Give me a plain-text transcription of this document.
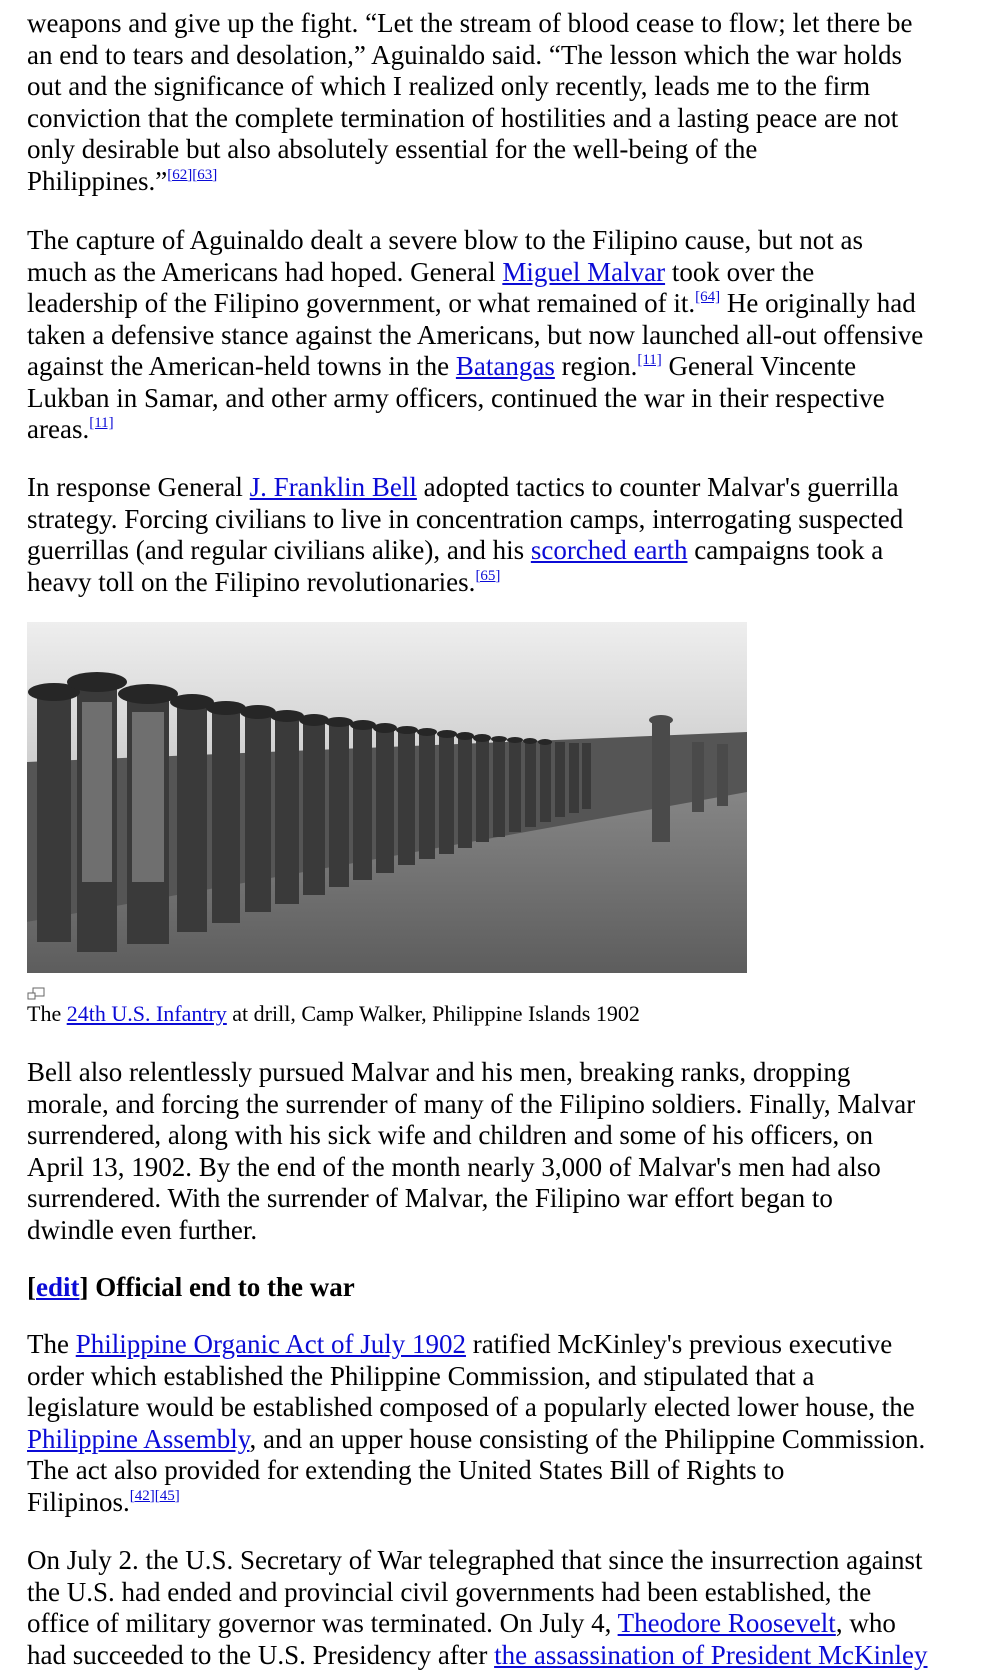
weapons and give up the fight. “Let the stream of blood cease to flow; let there be
an end to tears and desolation,” Aguinaldo said. “The lesson which the war holds
out and the significance of which I realized only recently, leads me to the firm
conviction that the complete termination of hostilities and a lasting peace are not
only desirable but also absolutely essential for the well-being of the
Philippines.”[62][63]

The capture of Aguinaldo dealt a severe blow to the Filipino cause, but not as
much as the Americans had hoped. General Miguel Malvar took over the
leadership of the Filipino government, or what remained of it.[64] He originally had
taken a defensive stance against the Americans, but now launched all-out offensive
against the American-held towns in the Batangas region.[11] General Vincente
Lukban in Samar, and other army officers, continued the war in their respective
areas.[11]

In response General J. Franklin Bell adopted tactics to counter Malvar's guerrilla
strategy. Forcing civilians to live in concentration camps, interrogating suspected
guerrillas (and regular civilians alike), and his scorched earth campaigns took a
heavy toll on the Filipino revolutionaries.[65]

The 24th U.S. Infantry at drill, Camp Walker, Philippine Islands 1902

Bell also relentlessly pursued Malvar and his men, breaking ranks, dropping
morale, and forcing the surrender of many of the Filipino soldiers. Finally, Malvar
surrendered, along with his sick wife and children and some of his officers, on
April 13, 1902. By the end of the month nearly 3,000 of Malvar's men had also
surrendered. With the surrender of Malvar, the Filipino war effort began to
dwindle even further.

[edit] Official end to the war

The Philippine Organic Act of July 1902 ratified McKinley's previous executive
order which established the Philippine Commission, and stipulated that a
legislature would be established composed of a popularly elected lower house, the
Philippine Assembly, and an upper house consisting of the Philippine Commission.
The act also provided for extending the United States Bill of Rights to
Filipinos.[42][45]

On July 2. the U.S. Secretary of War telegraphed that since the insurrection against
the U.S. had ended and provincial civil governments had been established, the
office of military governor was terminated. On July 4, Theodore Roosevelt, who
had succeeded to the U.S. Presidency after the assassination of President McKinley
